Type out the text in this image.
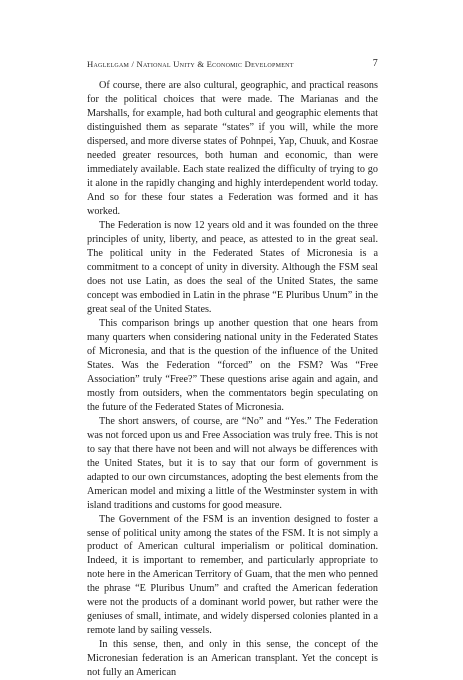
Haglelgam / National Unity & Economic Development	7

Of course, there are also cultural, geographic, and practical reasons for the political choices that were made. The Marianas and the Marshalls, for example, had both cultural and geographic elements that distinguished them as separate “states” if you will, while the more dispersed, and more diverse states of Pohnpei, Yap, Chuuk, and Kosrae needed greater resources, both human and economic, than were immediately available. Each state realized the difficulty of trying to go it alone in the rapidly changing and highly interdependent world today. And so for these four states a Federation was formed and it has worked.

The Federation is now 12 years old and it was founded on the three principles of unity, liberty, and peace, as attested to in the great seal. The political unity in the Federated States of Micronesia is a commitment to a concept of unity in diversity. Although the FSM seal does not use Latin, as does the seal of the United States, the same concept was embodied in Latin in the phrase “E Pluribus Unum” in the great seal of the United States.

This comparison brings up another question that one hears from many quarters when considering national unity in the Federated States of Micronesia, and that is the question of the influence of the United States. Was the Federation “forced” on the FSM? Was “Free Association” truly “Free?” These questions arise again and again, and mostly from outsiders, when the commentators begin speculating on the future of the Federated States of Micronesia.

The short answers, of course, are “No” and “Yes.” The Federation was not forced upon us and Free Association was truly free. This is not to say that there have not been and will not always be differences with the United States, but it is to say that our form of government is adapted to our own circumstances, adopting the best elements from the American model and mixing a little of the Westminster system in with island traditions and customs for good measure.

The Government of the FSM is an invention designed to foster a sense of political unity among the states of the FSM. It is not simply a product of American cultural imperialism or political domination. Indeed, it is important to remember, and particularly appropriate to note here in the American Territory of Guam, that the men who penned the phrase “E Pluribus Unum” and crafted the American federation were not the products of a dominant world power, but rather were the geniuses of small, intimate, and widely dispersed colonies planted in a remote land by sailing vessels.

In this sense, then, and only in this sense, the concept of the Micronesian federation is an American transplant. Yet the concept is not fully an American
